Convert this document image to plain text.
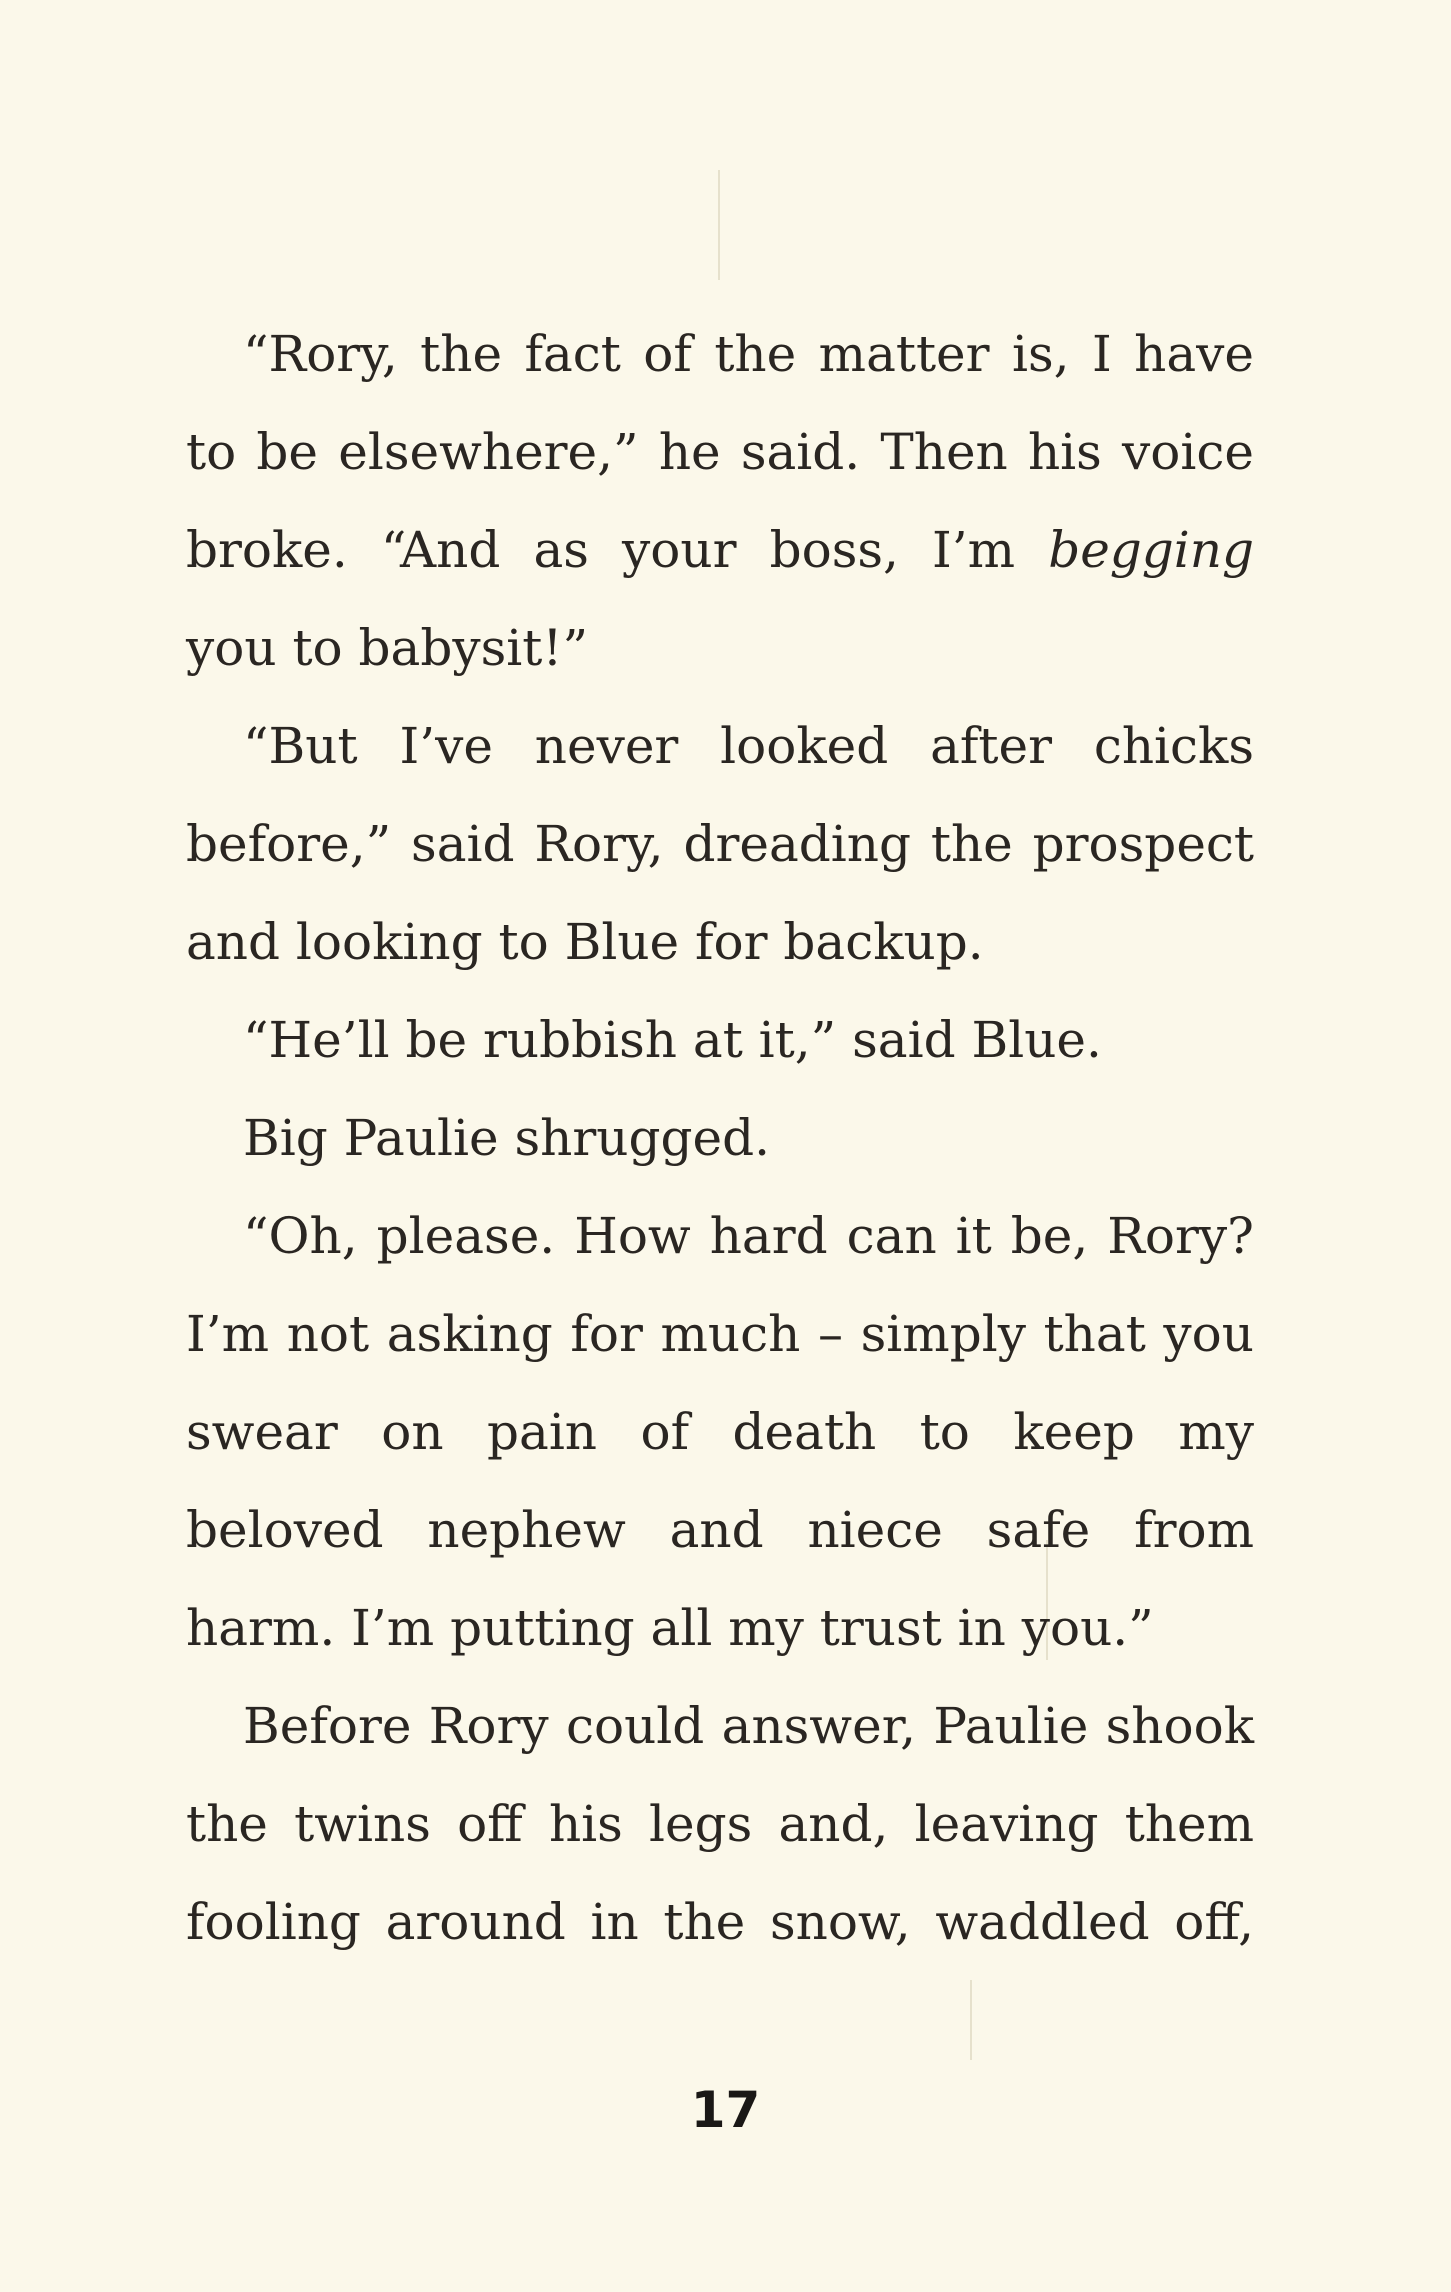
“Rory, the fact of the matter is, I have to be elsewhere,” he said. Then his voice broke. “And as your boss, I’m begging you to babysit!”

“But I’ve never looked after chicks before,” said Rory, dreading the prospect and looking to Blue for backup.

“He’ll be rubbish at it,” said Blue.

Big Paulie shrugged.

“Oh, please. How hard can it be, Rory? I’m not asking for much – simply that you swear on pain of death to keep my beloved nephew and niece safe from harm. I’m putting all my trust in you.”

Before Rory could answer, Paulie shook the twins off his legs and, leaving them fooling around in the snow, waddled off,

17
